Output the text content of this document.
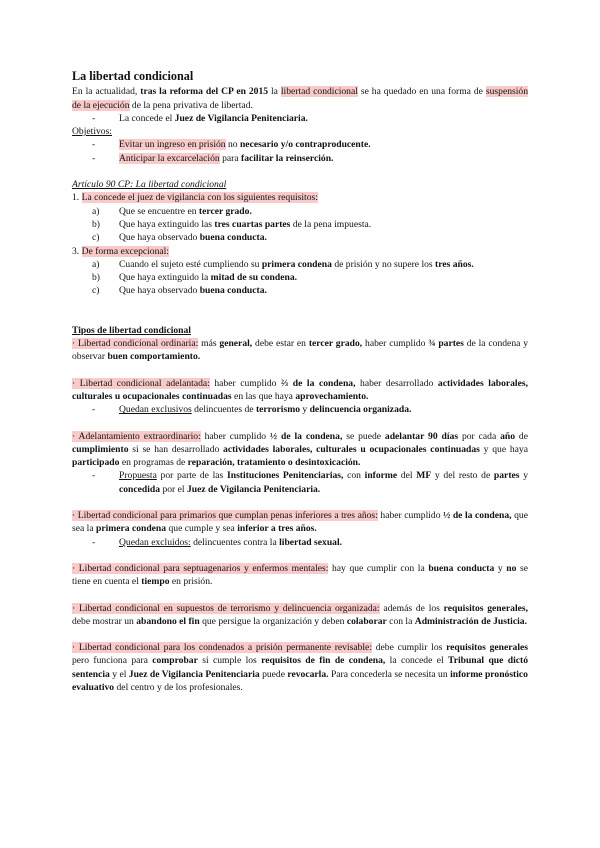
La libertad condicional

En la actualidad, tras la reforma del CP en 2015 la libertad condicional se ha quedado en una forma de suspensión de la ejecución de la pena privativa de libertad.

- La concede el Juez de Vigilancia Penitenciaria.

Objetivos:

- Evitar un ingreso en prisión no necesario y/o contraproducente.

- Anticipar la excarcelación para facilitar la reinserción.

Artículo 90 CP: La libertad condicional

1. La concede el juez de vigilancia con los siguientes requisitos:

a) Que se encuentre en tercer grado.

b) Que haya extinguido las tres cuartas partes de la pena impuesta.

c) Que haya observado buena conducta.

3. De forma excepcional:

a) Cuando el sujeto esté cumpliendo su primera condena de prisión y no supere los tres años.

b) Que haya extinguido la mitad de su condena.

c) Que haya observado buena conducta.

Tipos de libertad condicional

· Libertad condicional ordinaria: más general, debe estar en tercer grado, haber cumplido ¾ partes de la condena y observar buen comportamiento.

· Libertad condicional adelantada: haber cumplido ⅔ de la condena, haber desarrollado actividades laborales, culturales u ocupacionales continuadas en las que haya aprovechamiento.

- Quedan exclusivos delincuentes de terrorismo y delincuencia organizada.

· Adelantamiento extraordinario: haber cumplido ½ de la condena, se puede adelantar 90 días por cada año de cumplimiento si se han desarrollado actividades laborales, culturales u ocupacionales continuadas y que haya participado en programas de reparación, tratamiento o desintoxicación.

- Propuesta por parte de las Instituciones Penitenciarias, con informe del MF y del resto de partes y concedida por el Juez de Vigilancia Penitenciaria.

· Libertad condicional para primarios que cumplan penas inferiores a tres años: haber cumplido ½ de la condena, que sea la primera condena que cumple y sea inferior a tres años.

- Quedan excluidos: delincuentes contra la libertad sexual.

· Libertad condicional para septuagenarios y enfermos mentales: hay que cumplir con la buena conducta y no se tiene en cuenta el tiempo en prisión.

· Libertad condicional en supuestos de terrorismo y delincuencia organizada: además de los requisitos generales, debe mostrar un abandono el fin que persigue la organización y deben colaborar con la Administración de Justicia.

· Libertad condicional para los condenados a prisión permanente revisable: debe cumplir los requisitos generales pero funciona para comprobar si cumple los requisitos de fin de condena, la concede el Tribunal que dictó sentencia y el Juez de Vigilancia Penitenciaria puede revocarla. Para concederla se necesita un informe pronóstico evaluativo del centro y de los profesionales.
